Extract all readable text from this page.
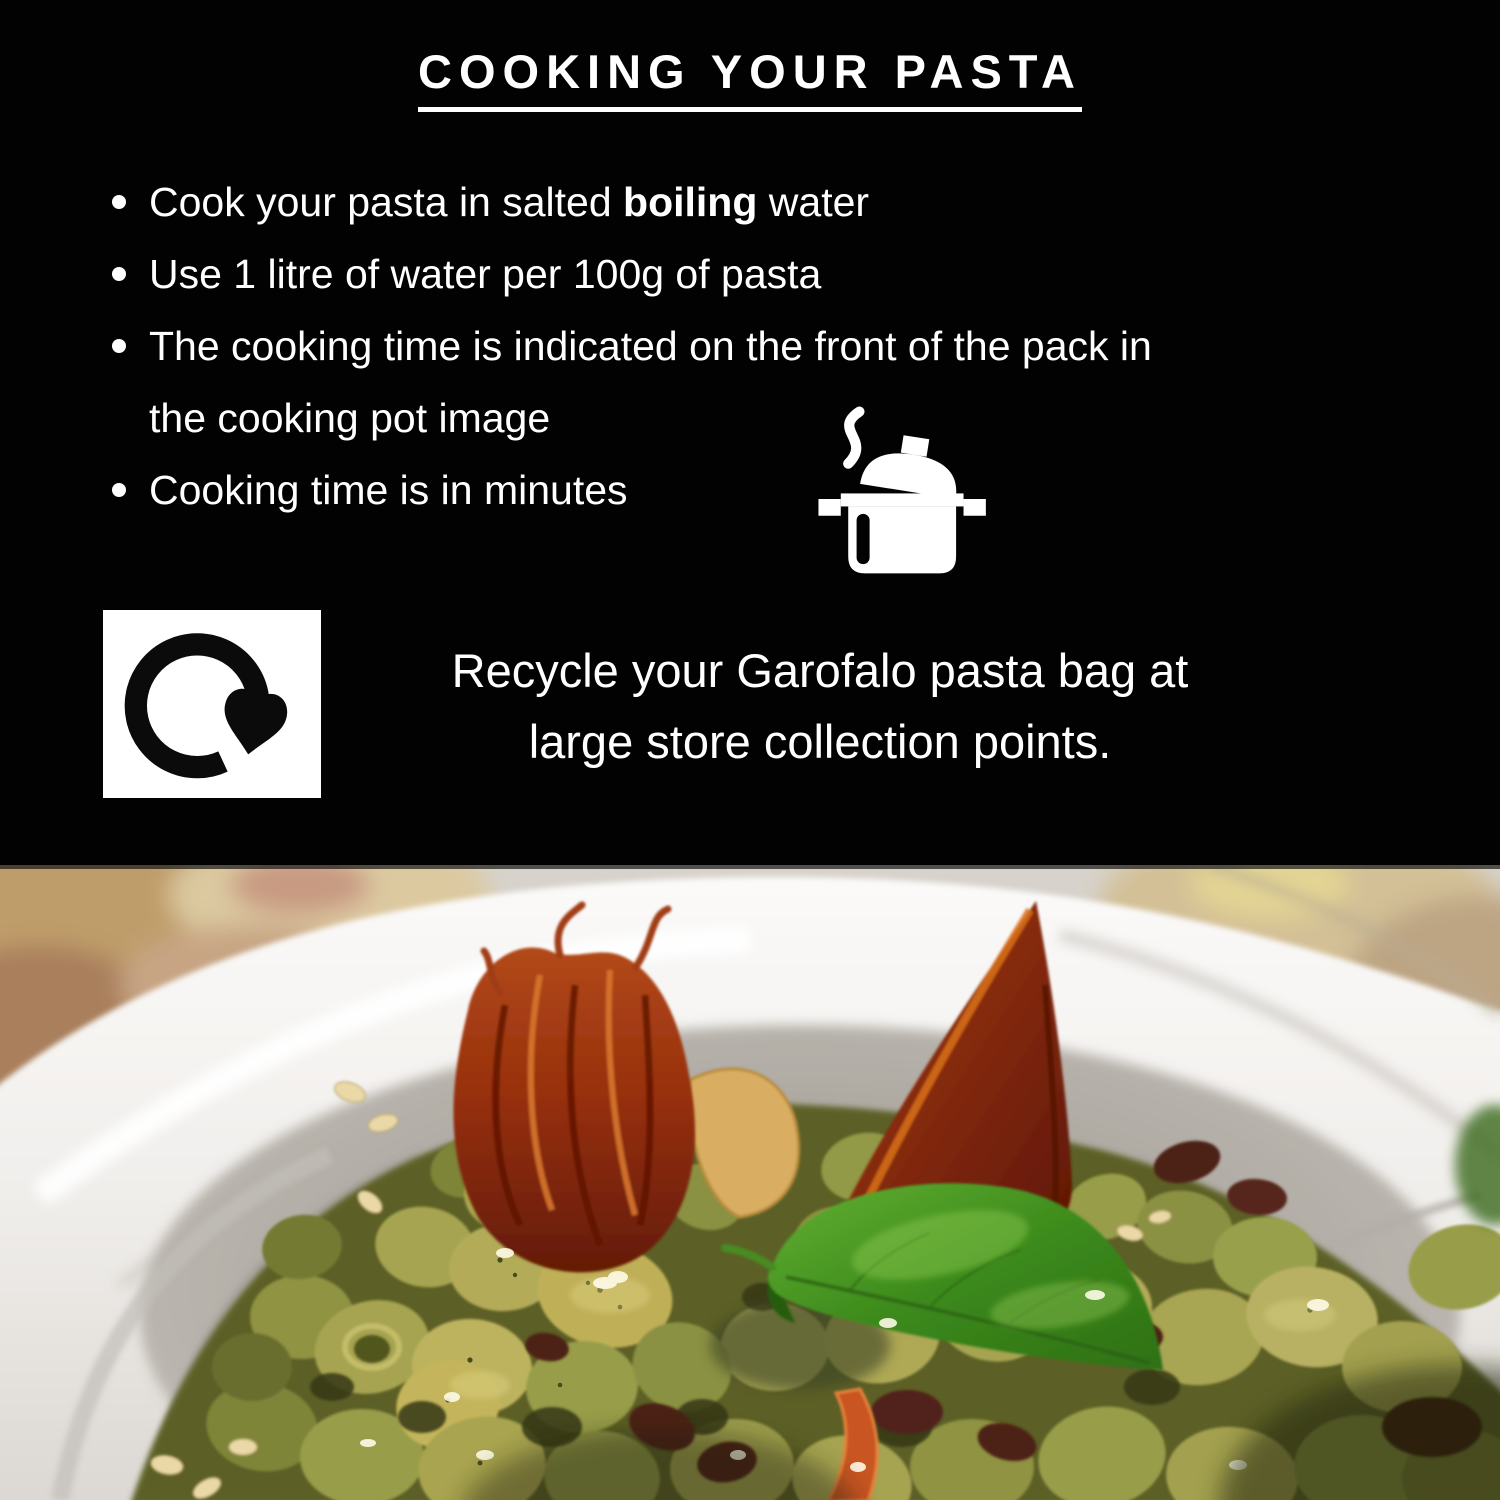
COOKING YOUR PASTA
Cook your pasta in salted boiling water
Use 1 litre of water per 100g of pasta
The cooking time is indicated on the front of the pack in
the cooking pot image
Cooking time is in minutes
Recycle your Garofalo pasta bag at
large store collection points.
